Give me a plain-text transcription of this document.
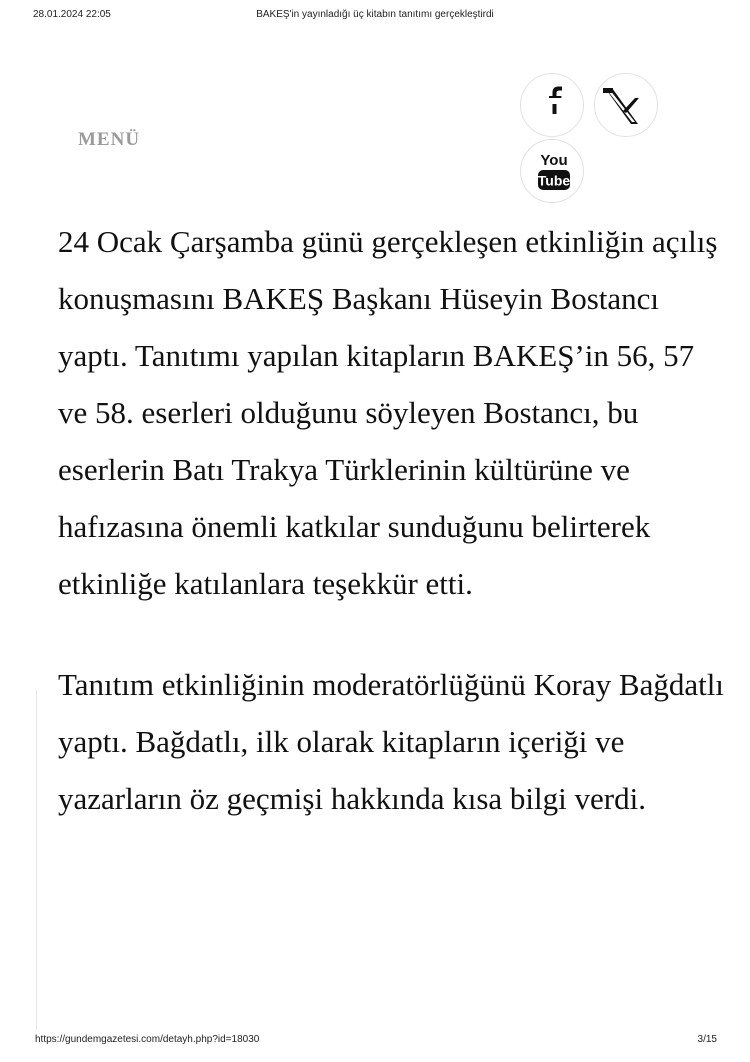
28.01.2024 22:05	BAKEŞ'in yayınladığı üç kitabın tanıtımı gerçekleştirdi
MENÜ
You
Tube

24 Ocak Çarşamba günü gerçekleşen etkinliğin açılış konuşmasını BAKEŞ Başkanı Hüseyin Bostancı yaptı. Tanıtımı yapılan kitapların BAKEŞ’in 56, 57 ve 58. eserleri olduğunu söyleyen Bostancı, bu eserlerin Batı Trakya Türklerinin kültürüne ve hafızasına önemli katkılar sunduğunu belirterek etkinliğe katılanlara teşekkür etti.

Tanıtım etkinliğinin moderatörlüğünü Koray Bağdatlı yaptı. Bağdatlı, ilk olarak kitapların içeriği ve yazarların öz geçmişi hakkında kısa bilgi verdi.

https://gundemgazetesi.com/detayh.php?id=18030	3/15
